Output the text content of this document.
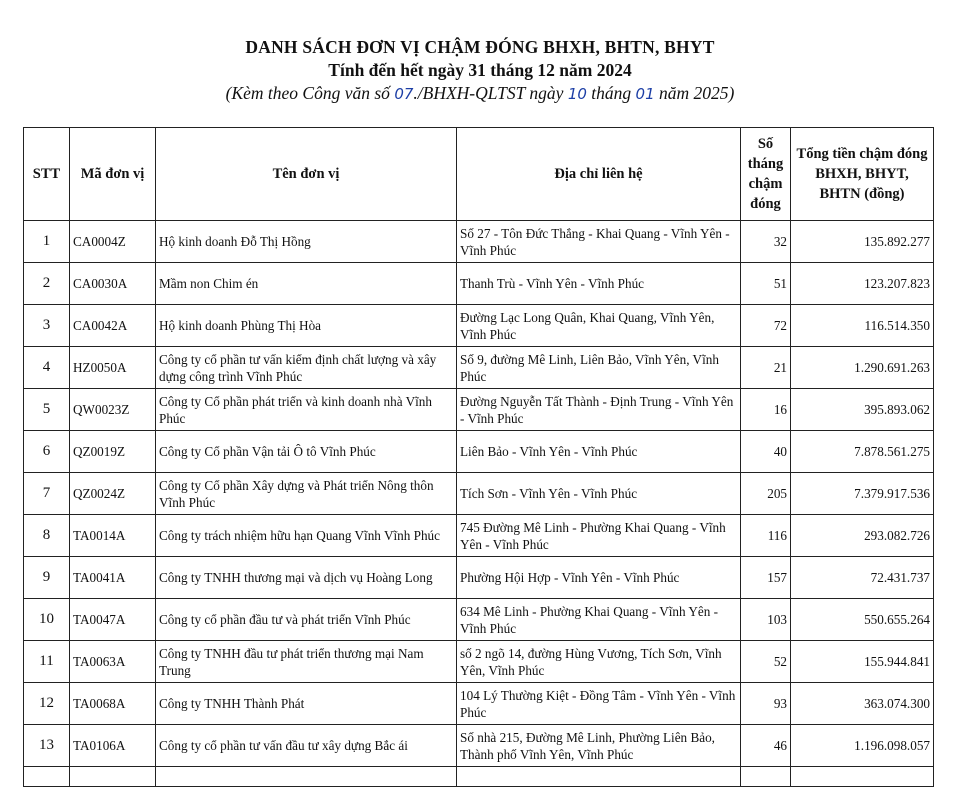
DANH SÁCH ĐƠN VỊ CHẬM ĐÓNG BHXH, BHTN, BHYT
Tính đến hết ngày 31 tháng 12 năm 2024
(Kèm theo Công văn số 07./BHXH-QLTST ngày 10 tháng 01 năm 2025)
STT	Mã đơn vị	Tên đơn vị	Địa chỉ liên hệ	Số tháng chậm đóng	Tổng tiền chậm đóng BHXH, BHYT, BHTN (đồng)
1	CA0004Z	Hộ kinh doanh Đỗ Thị Hồng	Số 27 - Tôn Đức Thắng - Khai Quang - Vĩnh Yên - Vĩnh Phúc	32	135.892.277
2	CA0030A	Mầm non Chim én	Thanh Trù - Vĩnh Yên - Vĩnh Phúc	51	123.207.823
3	CA0042A	Hộ kinh doanh Phùng Thị Hòa	Đường Lạc Long Quân, Khai Quang, Vĩnh Yên, Vĩnh Phúc	72	116.514.350
4	HZ0050A	Công ty cổ phần tư vấn kiểm định chất lượng và xây dựng công trình Vĩnh Phúc	Số 9, đường Mê Linh, Liên Bảo, Vĩnh Yên, Vĩnh Phúc	21	1.290.691.263
5	QW0023Z	Công ty Cổ phần phát triển và kinh doanh nhà Vĩnh Phúc	Đường Nguyễn Tất Thành - Định Trung - Vĩnh Yên - Vĩnh Phúc	16	395.893.062
6	QZ0019Z	Công ty Cổ phần Vận tải Ô tô Vĩnh Phúc	Liên Bảo - Vĩnh Yên - Vĩnh Phúc	40	7.878.561.275
7	QZ0024Z	Công ty Cổ phần Xây dựng và Phát triển Nông thôn Vĩnh Phúc	Tích Sơn - Vĩnh Yên - Vĩnh Phúc	205	7.379.917.536
8	TA0014A	Công ty trách nhiệm hữu hạn Quang Vĩnh Vĩnh Phúc	745 Đường Mê Linh - Phường Khai Quang - Vĩnh Yên - Vĩnh Phúc	116	293.082.726
9	TA0041A	Công ty TNHH thương mại và dịch vụ Hoàng Long	Phường Hội Hợp - Vĩnh Yên - Vĩnh Phúc	157	72.431.737
10	TA0047A	Công ty cổ phần đầu tư và phát triển Vĩnh Phúc	634 Mê Linh - Phường Khai Quang - Vĩnh Yên - Vĩnh Phúc	103	550.655.264
11	TA0063A	Công ty TNHH đầu tư phát triển thương mại Nam Trung	số 2 ngõ 14, đường Hùng Vương, Tích Sơn, Vĩnh Yên, Vĩnh Phúc	52	155.944.841
12	TA0068A	Công ty TNHH Thành Phát	104 Lý Thường Kiệt - Đồng Tâm - Vĩnh Yên - Vĩnh Phúc	93	363.074.300
13	TA0106A	Công ty cổ phần tư vấn đầu tư xây dựng Bắc ái	Số nhà 215, Đường Mê Linh, Phường Liên Bảo, Thành phố Vĩnh Yên, Vĩnh Phúc	46	1.196.098.057
